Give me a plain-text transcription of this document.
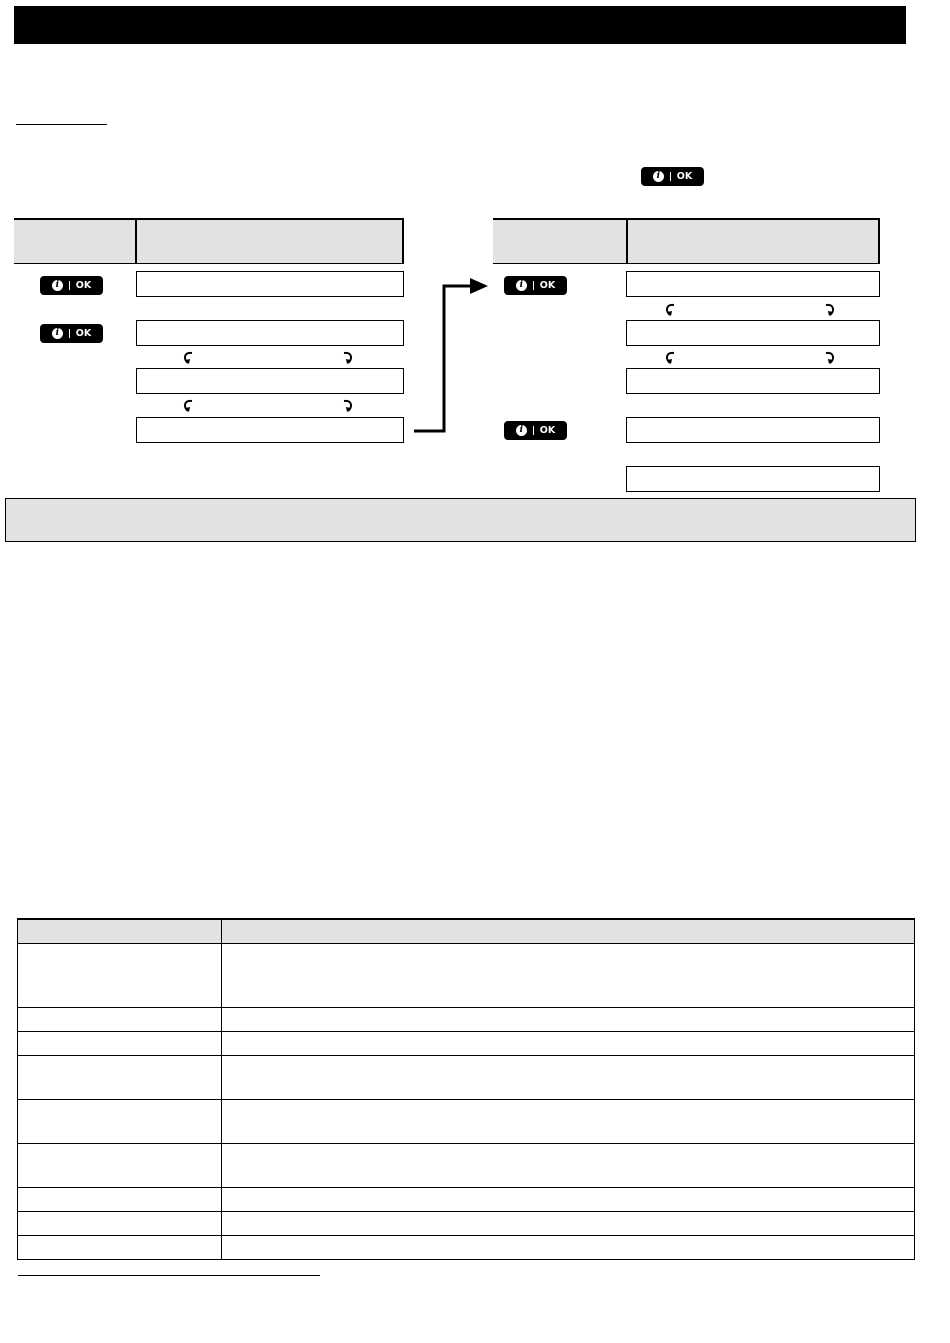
i	OK
i	OK
i	OK
i	OK
i	OK
